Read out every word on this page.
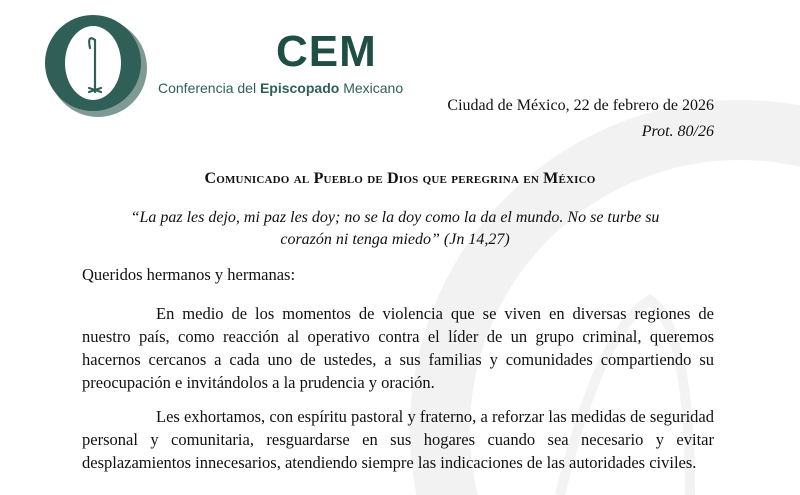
CEM
Conferencia del Episcopado Mexicano
Ciudad de México, 22 de febrero de 2026
Prot. 80/26
Comunicado al Pueblo de Dios que peregrina en México
“La paz les dejo, mi paz les doy; no se la doy como la da el mundo. No se turbe su corazón ni tenga miedo” (Jn 14,27)
Queridos hermanos y hermanas:
En medio de los momentos de violencia que se viven en diversas regiones de nuestro país, como reacción al operativo contra el líder de un grupo criminal, queremos hacernos cercanos a cada uno de ustedes, a sus familias y comunidades compartiendo su preocupación e invitándolos a la prudencia y oración.
Les exhortamos, con espíritu pastoral y fraterno, a reforzar las medidas de seguridad personal y comunitaria, resguardarse en sus hogares cuando sea necesario y evitar desplazamientos innecesarios, atendiendo siempre las indicaciones de las autoridades civiles.
